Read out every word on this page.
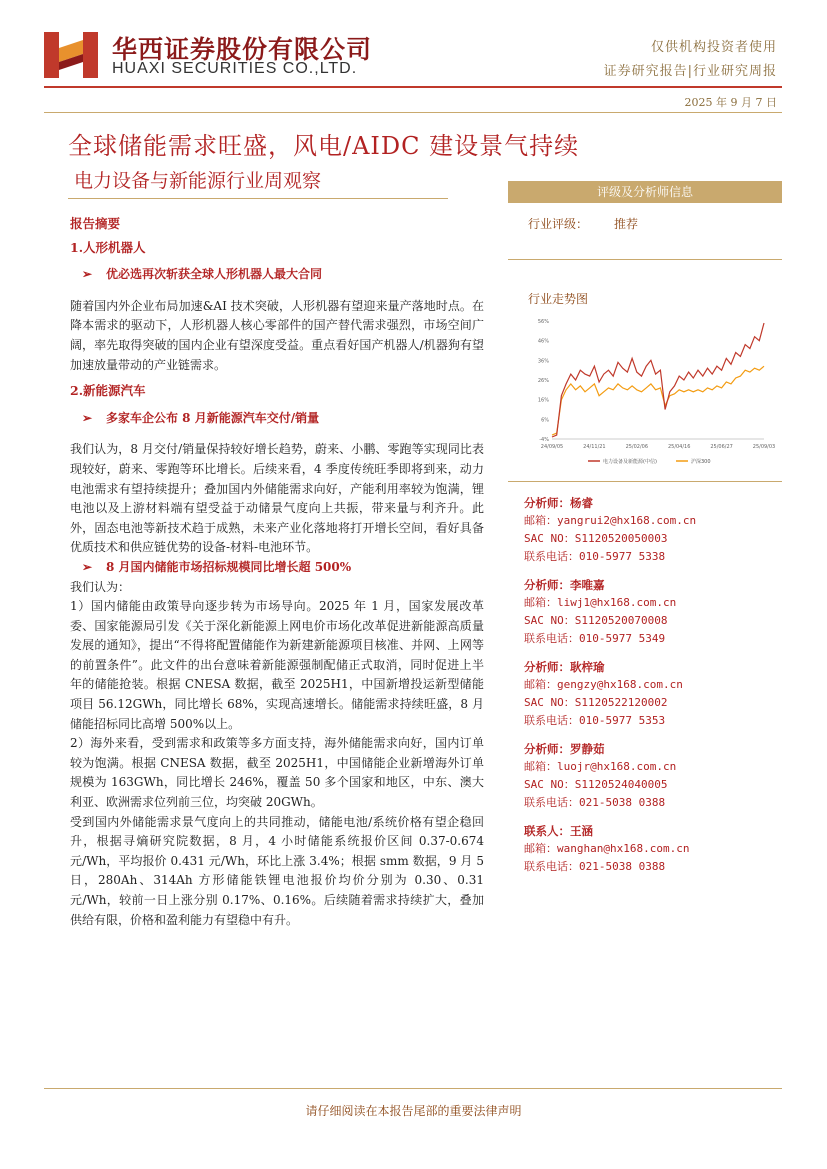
华西证券股份有限公司
HUAXI SECURITIES CO.,LTD.
仅供机构投资者使用
证券研究报告|行业研究周报
2025 年 9 月 7 日
全球储能需求旺盛，风电/AIDC 建设景气持续
电力设备与新能源行业周观察

报告摘要

1.人形机器人

➢ 优必选再次斩获全球人形机器人最大合同

随着国内外企业布局加速&AI 技术突破，人形机器有望迎来量产落地时点。在降本需求的驱动下，人形机器人核心零部件的国产替代需求强烈，市场空间广阔，率先取得突破的国内企业有望深度受益。重点看好国产机器人/机器狗有望加速放量带动的产业链需求。

2.新能源汽车

➢ 多家车企公布 8 月新能源汽车交付/销量

我们认为，8 月交付/销量保持较好增长趋势，蔚来、小鹏、零跑等实现同比表现较好，蔚来、零跑等环比增长。后续来看，4 季度传统旺季即将到来，动力电池需求有望持续提升；叠加国内外储能需求向好，产能利用率较为饱满，锂电池以及上游材料端有望受益于动储景气度向上共振，带来量与利齐升。此外，固态电池等新技术趋于成熟，未来产业化落地将打开增长空间，看好具备优质技术和供应链优势的设备-材料-电池环节。

➢ 8 月国内储能市场招标规模同比增长超 500%

我们认为：

1）国内储能由政策导向逐步转为市场导向。2025 年 1 月，国家发展改革委、国家能源局引发《关于深化新能源上网电价市场化改革促进新能源高质量发展的通知》，提出“不得将配置储能作为新建新能源项目核准、并网、上网等的前置条件”。此文件的出台意味着新能源强制配储正式取消，同时促进上半年的储能抢装。根据 CNESA 数据，截至 2025H1，中国新增投运新型储能项目 56.12GWh，同比增长 68%，实现高速增长。储能需求持续旺盛，8 月储能招标同比高增 500%以上。

2）海外来看，受到需求和政策等多方面支持，海外储能需求向好，国内订单较为饱满。根据 CNESA 数据，截至 2025H1，中国储能企业新增海外订单规模为 163GWh，同比增长 246%，覆盖 50 多个国家和地区，中东、澳大利亚、欧洲需求位列前三位，均突破 20GWh。

受到国内外储能需求景气度向上的共同推动，储能电池/系统价格有望企稳回升，根据寻熵研究院数据，8 月，4 小时储能系统报价区间 0.37-0.674 元/Wh，平均报价 0.431 元/Wh，环比上涨 3.4%；根据 smm 数据，9 月 5 日，280Ah、314Ah 方形储能铁锂电池报价均价分别为 0.30、0.31 元/Wh，较前一日上涨分别 0.17%、0.16%。后续随着需求持续扩大，叠加供给有限，价格和盈利能力有望稳中有升。

评级及分析师信息
行业评级： 推荐
行业走势图
-4%
6%
16%
26%
36%
46%
56%
24/09/05	24/11/21	25/02/06	25/04/16	25/06/27	25/09/03
电力设备及新能源(中信)	沪深300
分析师：杨睿
邮箱：yangrui2@hx168.com.cn
SAC NO：S1120520050003
联系电话：010-5977 5338
分析师：李唯嘉
邮箱：liwj1@hx168.com.cn
SAC NO：S1120520070008
联系电话：010-5977 5349
分析师：耿梓瑜
邮箱：gengzy@hx168.com.cn
SAC NO：S1120522120002
联系电话：010-5977 5353
分析师：罗静茹
邮箱：luojr@hx168.com.cn
SAC NO：S1120524040005
联系电话：021-5038 0388
联系人：王涵
邮箱：wanghan@hx168.com.cn
联系电话：021-5038 0388
请仔细阅读在本报告尾部的重要法律声明
